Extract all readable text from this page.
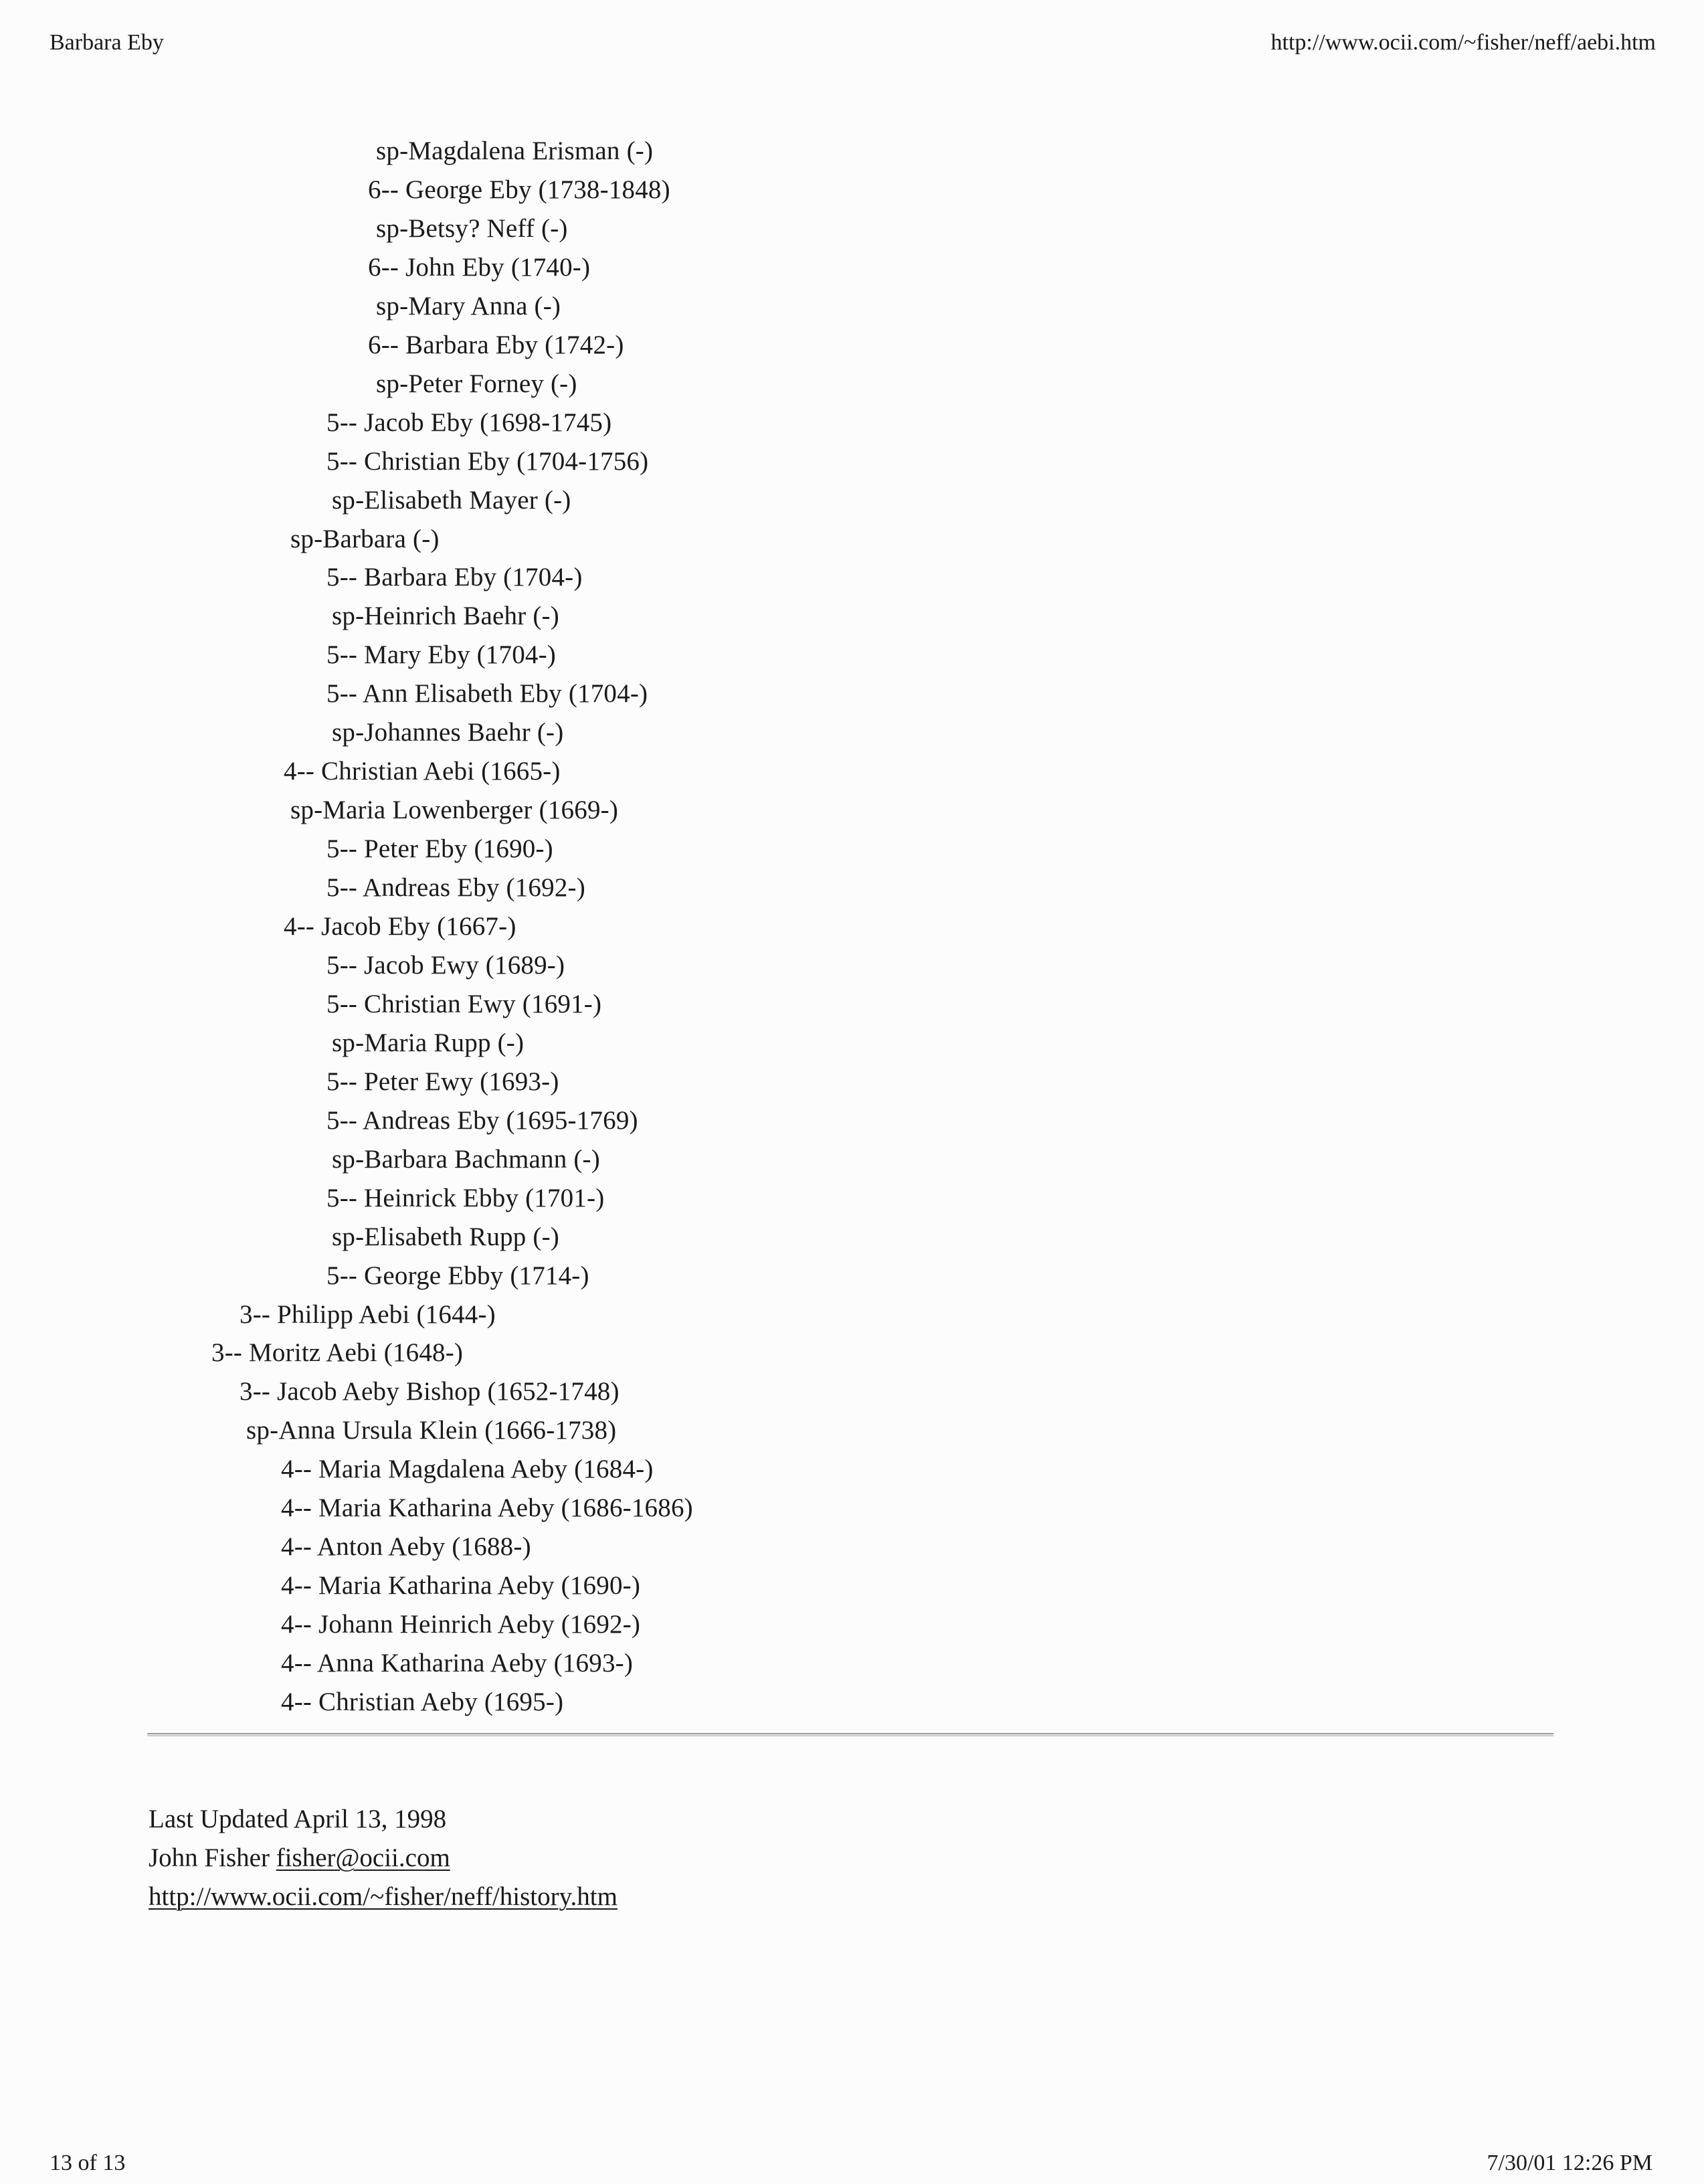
Barbara Eby	http://www.ocii.com/~fisher/neff/aebi.htm
sp-Magdalena Erisman (-)
6-- George Eby (1738-1848)
sp-Betsy? Neff (-)
6-- John Eby (1740-)
sp-Mary Anna (-)
6-- Barbara Eby (1742-)
sp-Peter Forney (-)
5-- Jacob Eby (1698-1745)
5-- Christian Eby (1704-1756)
sp-Elisabeth Mayer (-)
sp-Barbara (-)
5-- Barbara Eby (1704-)
sp-Heinrich Baehr (-)
5-- Mary Eby (1704-)
5-- Ann Elisabeth Eby (1704-)
sp-Johannes Baehr (-)
4-- Christian Aebi (1665-)
sp-Maria Lowenberger (1669-)
5-- Peter Eby (1690-)
5-- Andreas Eby (1692-)
4-- Jacob Eby (1667-)
5-- Jacob Ewy (1689-)
5-- Christian Ewy (1691-)
sp-Maria Rupp (-)
5-- Peter Ewy (1693-)
5-- Andreas Eby (1695-1769)
sp-Barbara Bachmann (-)
5-- Heinrick Ebby (1701-)
sp-Elisabeth Rupp (-)
5-- George Ebby (1714-)
3-- Philipp Aebi (1644-)
3-- Moritz Aebi (1648-)
3-- Jacob Aeby Bishop (1652-1748)
sp-Anna Ursula Klein (1666-1738)
4-- Maria Magdalena Aeby (1684-)
4-- Maria Katharina Aeby (1686-1686)
4-- Anton Aeby (1688-)
4-- Maria Katharina Aeby (1690-)
4-- Johann Heinrich Aeby (1692-)
4-- Anna Katharina Aeby (1693-)
4-- Christian Aeby (1695-)
Last Updated April 13, 1998
John Fisher fisher@ocii.com
http://www.ocii.com/~fisher/neff/history.htm
13 of 13	7/30/01 12:26 PM
